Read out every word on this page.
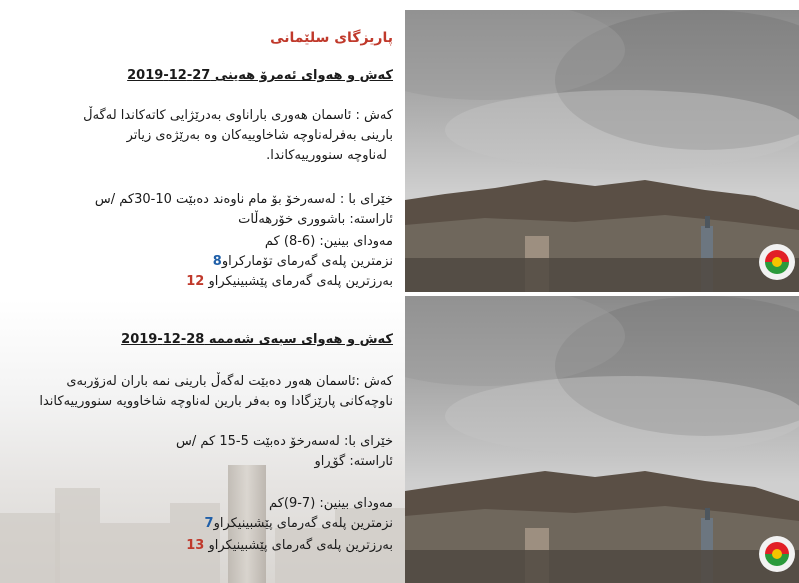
پاریزگای سلێمانی
کەش و هەوای ئەمرۆ هەینی 27-12-2019
کەش : ئاسمان هەوری باراناوی بەدرێژایی کاتەکاندا لەگەڵ
بارینی بەفرلەناوچە شاخاوییەکان وە بەرێژەی زیاتر
لەناوچە سنوورییەکاندا.
خێرای با : لەسەرخۆ بۆ مام ناوەند دەبێت 10-30کم /س
ئاراستە: باشووری خۆرهەڵات
مەودای بینین: (6-8) کم
نزمترین پلەی گەرمای تۆمارکراو8
بەرزترین پلەی گەرمای پێشبینیکراو 12
کەش و هەوای سبەی شەممە 28-12-2019
کەش :ئاسمان هەور دەبێت لەگەڵ بارینی نمە باران لەزۆربەی
ناوچەکانی پارێزگادا وە بەفر بارین لەناوچە شاخاوویە سنوورییەکاندا
خێرای با: لەسەرخۆ دەبێت 5-15 کم /س
ئاراستە: گۆڕاو
مەودای بینین: (7-9)کم
نزمترین پلەی گەرمای پێشبینیکراو7
بەرزترین پلەی گەرمای پێشبینیکراو 13
